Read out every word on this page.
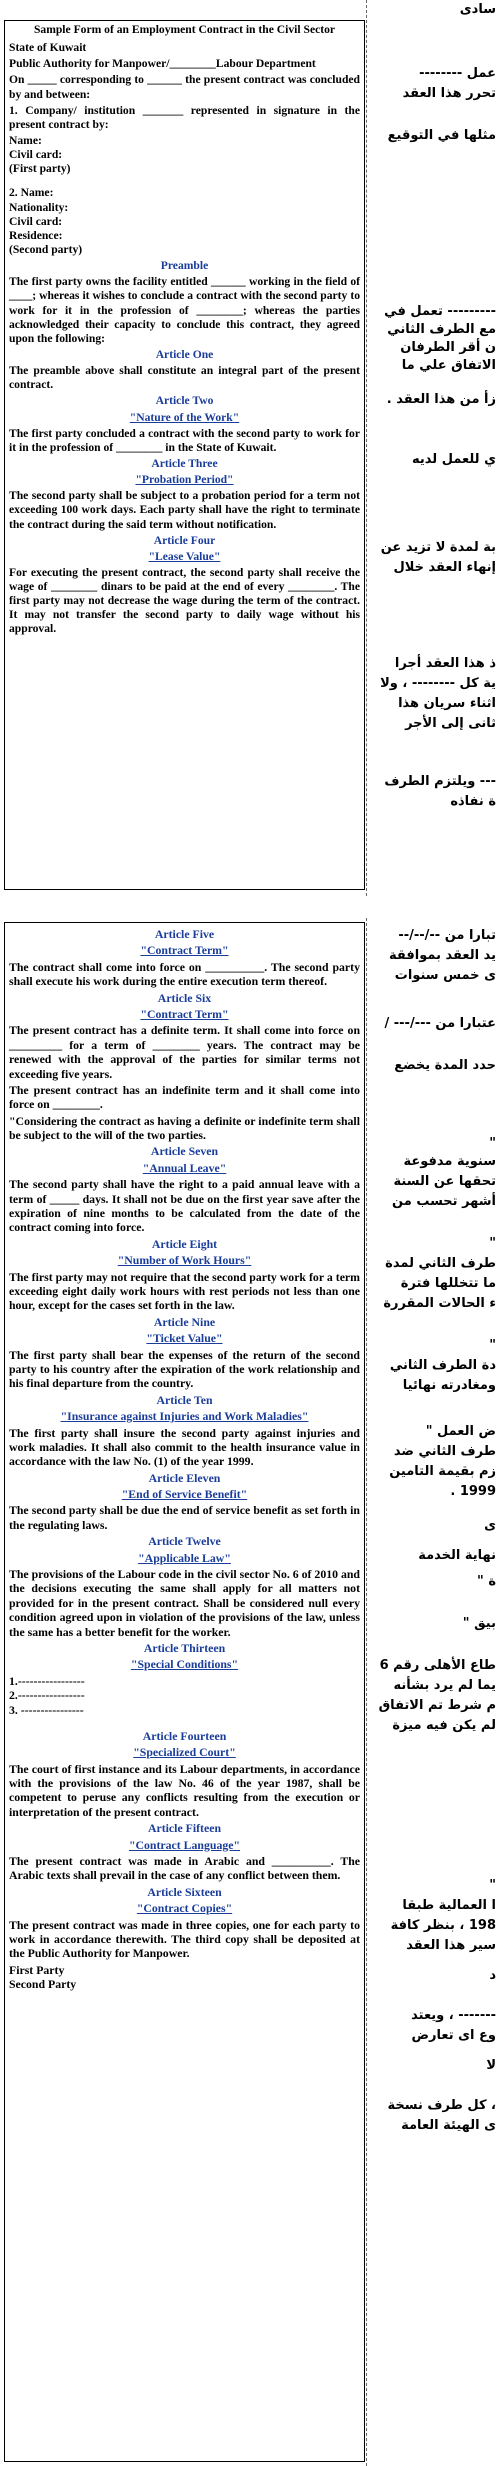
Sample Form of an Employment Contract in the Civil Sector

State of Kuwait

Public Authority for Manpower/________Labour Department

On _____ corresponding to ______ the present contract was concluded by and between:

1. Company/ institution _______ represented in signature in the present contract by:

Name:

Civil card:

(First party)

2. Name:

Nationality:

Civil card:

Residence:

(Second party)

Preamble

The first party owns the facility entitled ______ working in the field of ____; whereas it wishes to conclude a contract with the second party to work for it in the profession of ________; whereas the parties acknowledged their capacity to conclude this contract, they agreed upon the following:

Article One

The preamble above shall constitute an integral part of the present contract.

Article Two

"Nature of the Work"

The first party concluded a contract with the second party to work for it in the profession of ________ in the State of Kuwait.

Article Three

"Probation Period"

The second party shall be subject to a probation period for a term not exceeding 100 work days. Each party shall have the right to terminate the contract during the said term without notification.

Article Four

"Lease Value"

For executing the present contract, the second party shall receive the wage of ________ dinars to be paid at the end of every ________. The first party may not decrease the wage during the term of the contract. It may not transfer the second party to daily wage without his approval.

سادى
عمل --------
تحرر هذا العقد
مثلها في التوقيع
--------- تعمل في
مع الطرف الثاني
ن أقر الطرفان
الاتفاق علي ما
زأ من هذا العقد .
ي للعمل لديه
بة لمدة لا تزيد عن
إنهاء العقد خلال
ذ هذا العقد أجرا
ية كل -------- ، ولا
اثناء سريان هذا
ثانى إلى الأجر
--- ويلتزم الطرف
ة نفاذه

Article Five

"Contract Term"

The contract shall come into force on __________. The second party shall execute his work during the entire execution term thereof.

Article Six

"Contract Term"

The present contract has a definite term. It shall come into force on _________ for a term of ________ years. The contract may be renewed with the approval of the parties for similar terms not exceeding five years.

The present contract has an indefinite term and it shall come into force on ________.

"Considering the contract as having a definite or indefinite term shall be subject to the will of the two parties.

Article Seven

"Annual Leave"

The second party shall have the right to a paid annual leave with a term of _____ days. It shall not be due on the first year save after the expiration of nine months to be calculated from the date of the contract coming into force.

Article Eight

"Number of Work Hours"

The first party may not require that the second party work for a term exceeding eight daily work hours with rest periods not less than one hour, except for the cases set forth in the law.

Article Nine

"Ticket Value"

The first party shall bear the expenses of the return of the second party to his country after the expiration of the work relationship and his final departure from the country.

Article Ten

"Insurance against Injuries and Work Maladies"

The first party shall insure the second party against injuries and work maladies. It shall also commit to the health insurance value in accordance with the law No. (1) of the year 1999.

Article Eleven

"End of Service Benefit"

The second party shall be due the end of service benefit as set forth in the regulating laws.

Article Twelve

"Applicable Law"

The provisions of the Labour code in the civil sector No. 6 of 2010 and the decisions executing the same shall apply for all matters not provided for in the present contract. Shall be considered null every condition agreed upon in violation of the provisions of the law, unless the same has a better benefit for the worker.

Article Thirteen

"Special Conditions"

1.-----------------

2.-----------------

3. ----------------

Article Fourteen

"Specialized Court"

The court of first instance and its Labour departments, in accordance with the provisions of the law No. 46 of the year 1987, shall be competent to peruse any conflicts resulting from the execution or interpretation of the present contract.

Article Fifteen

"Contract Language"

The present contract was made in Arabic and __________. The Arabic texts shall prevail in the case of any conflict between them.

Article Sixteen

"Contract Copies"

The present contract was made in three copies, one for each party to work in accordance therewith. The third copy shall be deposited at the Public Authority for Manpower.

First Party

Second Party

تبارا من --/--/--
يد العقد بموافقة
ى خمس سنوات
عتبارا من ---/--- /
حدد المدة يخضع
"
سنوية مدفوعة
تحقها عن السنة
أشهر تحسب من
"
طرف الثاني لمدة
ما تتخللها فترة
ء الحالات المقررة
"
دة الطرف الثاني
ومغادرته نهائيا
ض العمل "
طرف الثاني ضد
زم بقيمة التامين
1999 .
ى
نهاية الخدمة
ة "
بيق "
طاع الأهلى رقم 6
يما لم يرد بشأنه
م شرط تم الاتفاق
لم يكن فيه ميزة
"
ا العمالية طبقا
198 ، بنظر كافة
سير هذا العقد
د
------- ، ويعتد
وع اى تعارض
لا
، كل طرف نسخة
ى الهيئة العامة
